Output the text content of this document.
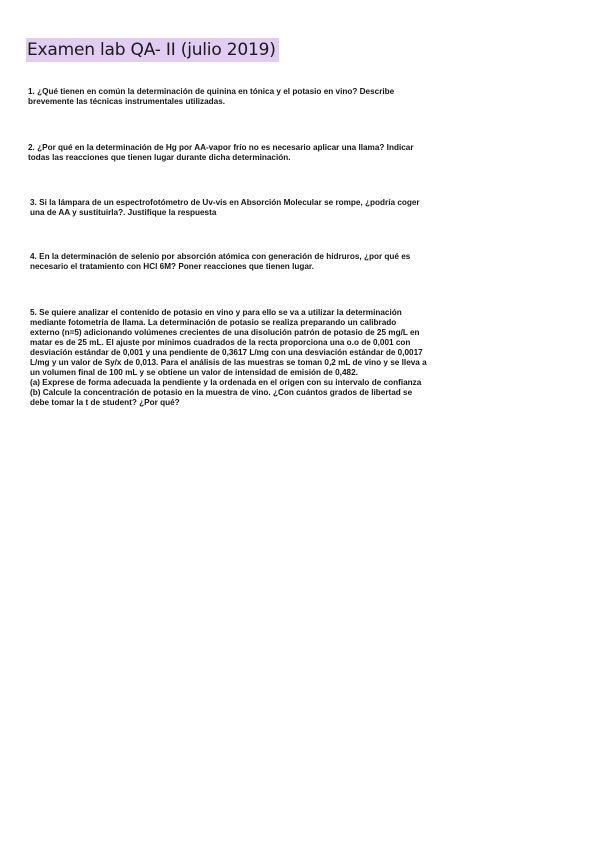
Examen lab QA- II (julio 2019)

1. ¿Qué tienen en común la determinación de quinina en tónica y el potasio en vino? Describe brevemente las técnicas instrumentales utilizadas.

2. ¿Por qué en la determinación de Hg por AA-vapor frío no es necesario aplicar una llama? Indicar todas las reacciones que tienen lugar durante dicha determinación.

3. Si la lámpara de un espectrofotómetro de Uv-vis en Absorción Molecular se rompe, ¿podría coger una de AA y sustituirla?. Justifique la respuesta

4. En la determinación de selenio por absorción atómica con generación de hidruros, ¿por qué es necesario el tratamiento con HCl 6M? Poner reacciones que tienen lugar.

5. Se quiere analizar el contenido de potasio en vino y para ello se va a utilizar la determinación mediante fotometría de llama. La determinación de potasio se realiza preparando un calibrado externo (n=5) adicionando volúmenes crecientes de una disolución patrón de potasio de 25 mg/L en matar es de 25 mL. El ajuste por mínimos cuadrados de la recta proporciona una o.o de 0,001 con desviación estándar de 0,001 y una pendiente de 0,3617 L/mg con una desviación estándar de 0,0017 L/mg y un valor de Sy/x de 0,013. Para el análisis de las muestras se toman 0,2 mL de vino y se lleva a un volumen final de 100 mL y se obtiene un valor de intensidad de emisión de 0,482.

(a) Exprese de forma adecuada la pendiente y la ordenada en el origen con su intervalo de confianza

(b) Calcule la concentración de potasio en la muestra de vino. ¿Con cuántos grados de libertad se debe tomar la t de student? ¿Por qué?
